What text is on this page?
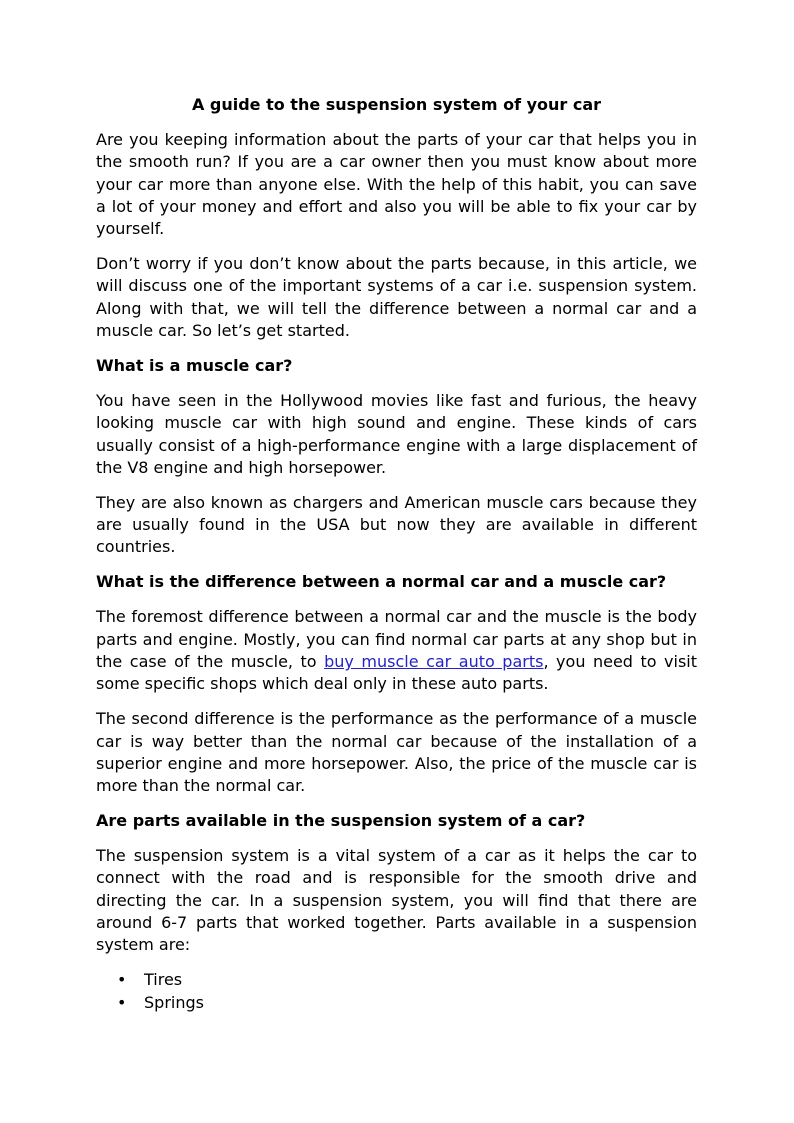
A guide to the suspension system of your car

Are you keeping information about the parts of your car that helps you in the smooth run? If you are a car owner then you must know about more your car more than anyone else. With the help of this habit, you can save a lot of your money and effort and also you will be able to fix your car by yourself.

Don’t worry if you don’t know about the parts because, in this article, we will discuss one of the important systems of a car i.e. suspension system. Along with that, we will tell the difference between a normal car and a muscle car. So let’s get started.

What is a muscle car?

You have seen in the Hollywood movies like fast and furious, the heavy looking muscle car with high sound and engine. These kinds of cars usually consist of a high-performance engine with a large displacement of the V8 engine and high horsepower.

They are also known as chargers and American muscle cars because they are usually found in the USA but now they are available in different countries.

What is the difference between a normal car and a muscle car?

The foremost difference between a normal car and the muscle is the body parts and engine. Mostly, you can find normal car parts at any shop but in the case of the muscle, to buy muscle car auto parts, you need to visit some specific shops which deal only in these auto parts.

The second difference is the performance as the performance of a muscle car is way better than the normal car because of the installation of a superior engine and more horsepower. Also, the price of the muscle car is more than the normal car.

Are parts available in the suspension system of a car?

The suspension system is a vital system of a car as it helps the car to connect with the road and is responsible for the smooth drive and directing the car. In a suspension system, you will find that there are around 6-7 parts that worked together. Parts available in a suspension system are:

• Tires
• Springs
